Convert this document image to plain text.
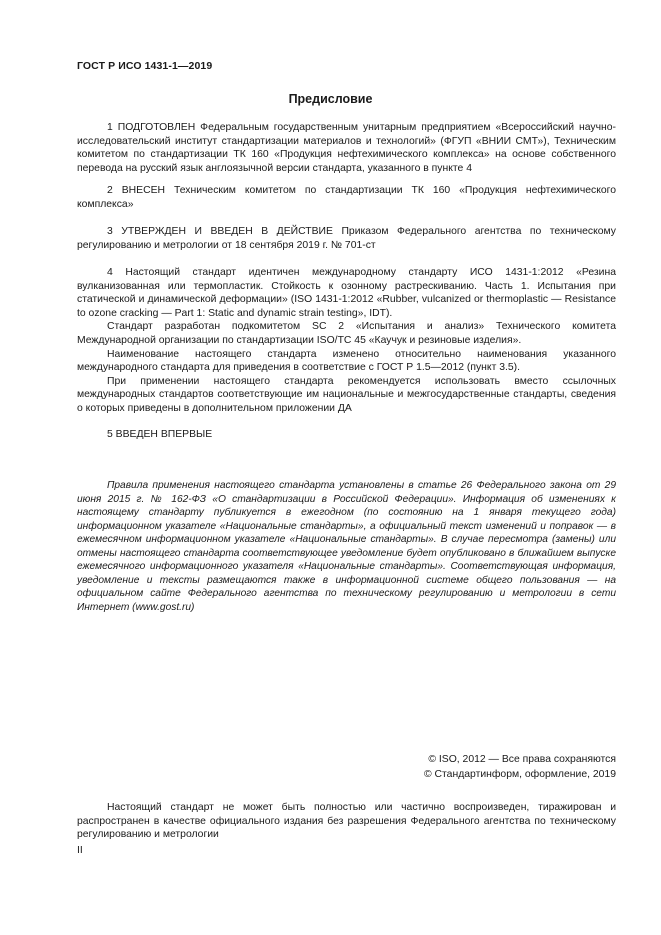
ГОСТ Р ИСО 1431-1—2019
Предисловие

1 ПОДГОТОВЛЕН Федеральным государственным унитарным предприятием «Всероссийский научно-исследовательский институт стандартизации материалов и технологий» (ФГУП «ВНИИ СМТ»), Техническим комитетом по стандартизации ТК 160 «Продукция нефтехимического комплекса» на основе собственного перевода на русский язык англоязычной версии стандарта, указанного в пункте 4

2 ВНЕСЕН Техническим комитетом по стандартизации ТК 160 «Продукция нефтехимического комплекса»

3 УТВЕРЖДЕН И ВВЕДЕН В ДЕЙСТВИЕ Приказом Федерального агентства по техническому регулированию и метрологии от 18 сентября 2019 г. № 701-ст

4 Настоящий стандарт идентичен международному стандарту ИСО 1431-1:2012 «Резина вулканизованная или термопластик. Стойкость к озонному растрескиванию. Часть 1. Испытания при статической и динамической деформации» (ISO 1431-1:2012 «Rubber, vulcanized or thermoplastic — Resistance to ozone cracking — Part 1: Static and dynamic strain testing», IDT).

Стандарт разработан подкомитетом SC 2 «Испытания и анализ» Технического комитета Международной организации по стандартизации ISO/TC 45 «Каучук и резиновые изделия».

Наименование настоящего стандарта изменено относительно наименования указанного международного стандарта для приведения в соответствие с ГОСТ Р 1.5—2012 (пункт 3.5).

При применении настоящего стандарта рекомендуется использовать вместо ссылочных международных стандартов соответствующие им национальные и межгосударственные стандарты, сведения о которых приведены в дополнительном приложении ДА

5 ВВЕДЕН ВПЕРВЫЕ

Правила применения настоящего стандарта установлены в статье 26 Федерального закона от 29 июня 2015 г. № 162-ФЗ «О стандартизации в Российской Федерации». Информация об изменениях к настоящему стандарту публикуется в ежегодном (по состоянию на 1 января текущего года) информационном указателе «Национальные стандарты», а официальный текст изменений и поправок — в ежемесячном информационном указателе «Национальные стандарты». В случае пересмотра (замены) или отмены настоящего стандарта соответствующее уведомление будет опубликовано в ближайшем выпуске ежемесячного информационного указателя «Национальные стандарты». Соответствующая информация, уведомление и тексты размещаются также в информационной системе общего пользования — на официальном сайте Федерального агентства по техническому регулированию и метрологии в сети Интернет (www.gost.ru)

© ISO, 2012 — Все права сохраняются
© Стандартинформ, оформление, 2019

Настоящий стандарт не может быть полностью или частично воспроизведен, тиражирован и распространен в качестве официального издания без разрешения Федерального агентства по техническому регулированию и метрологии

II
